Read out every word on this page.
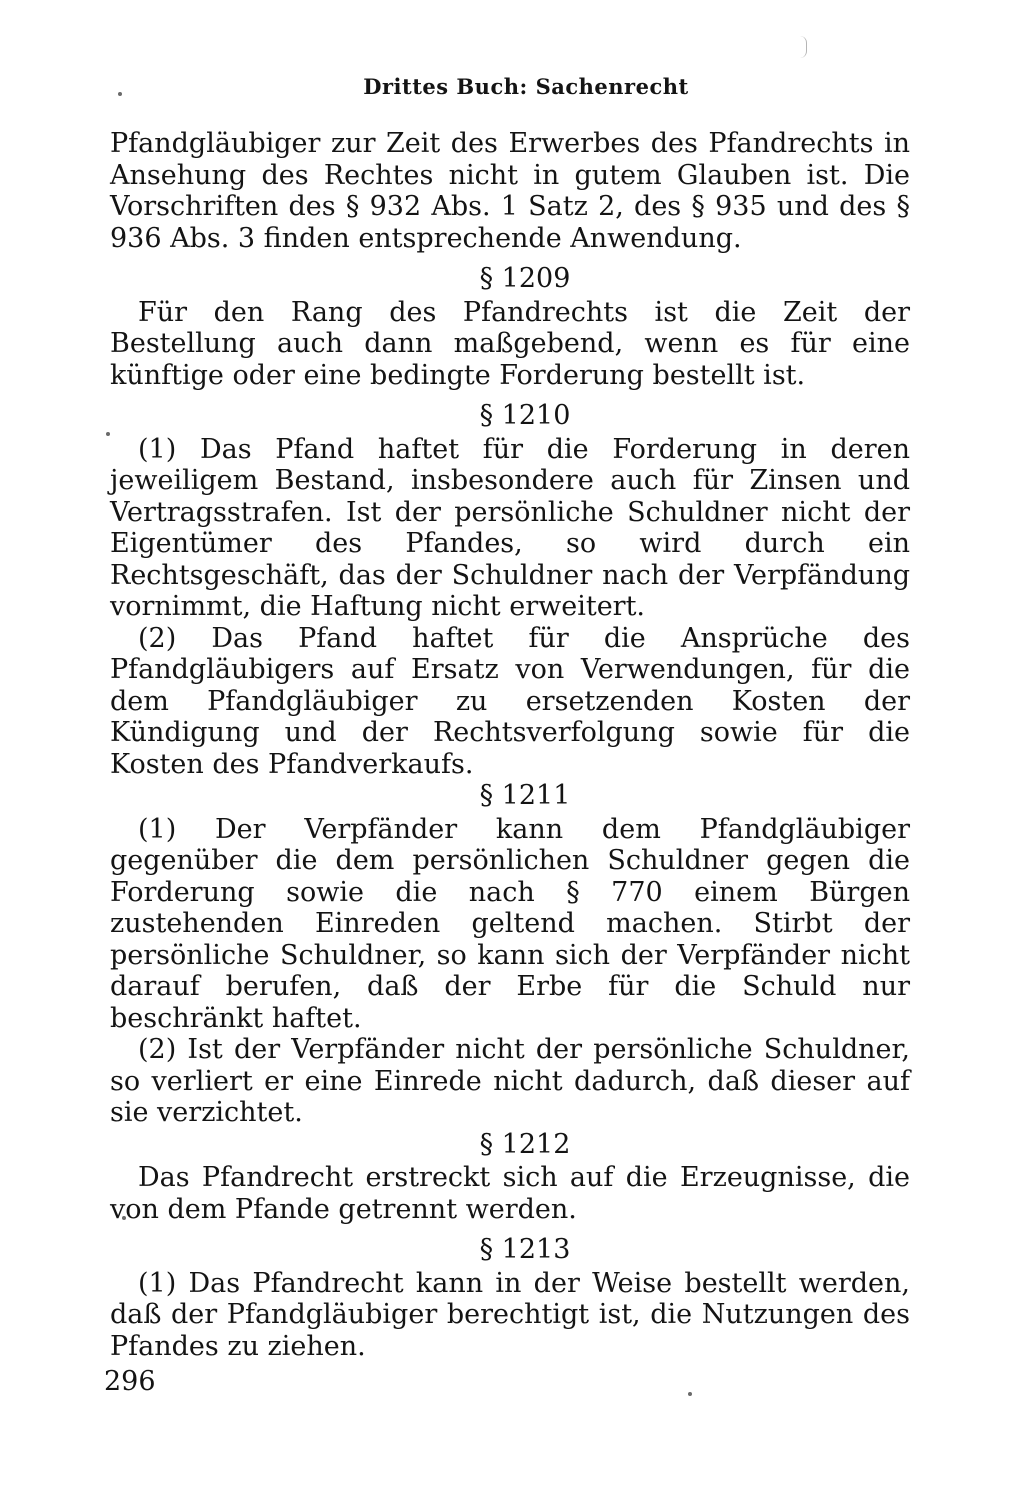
Drittes Buch: Sachenrecht

Pfandgläubiger zur Zeit des Erwerbes des Pfandrechts in Ansehung des Rechtes nicht in gutem Glauben ist. Die Vorschriften des § 932 Abs. 1 Satz 2, des § 935 und des § 936 Abs. 3 finden entsprechende Anwendung.

§ 1209

Für den Rang des Pfandrechts ist die Zeit der Bestellung auch dann maßgebend, wenn es für eine künftige oder eine bedingte Forderung bestellt ist.

§ 1210

(1) Das Pfand haftet für die Forderung in deren jeweiligem Bestand, insbesondere auch für Zinsen und Vertragsstrafen. Ist der persönliche Schuldner nicht der Eigentümer des Pfandes, so wird durch ein Rechtsgeschäft, das der Schuldner nach der Verpfändung vornimmt, die Haftung nicht erweitert.

(2) Das Pfand haftet für die Ansprüche des Pfandgläubigers auf Ersatz von Verwendungen, für die dem Pfandgläubiger zu ersetzenden Kosten der Kündigung und der Rechtsverfolgung sowie für die Kosten des Pfandverkaufs.

§ 1211

(1) Der Verpfänder kann dem Pfandgläubiger gegenüber die dem persönlichen Schuldner gegen die Forderung sowie die nach § 770 einem Bürgen zustehenden Einreden geltend machen. Stirbt der persönliche Schuldner, so kann sich der Verpfänder nicht darauf berufen, daß der Erbe für die Schuld nur beschränkt haftet.

(2) Ist der Verpfänder nicht der persönliche Schuldner, so verliert er eine Einrede nicht dadurch, daß dieser auf sie verzichtet.

§ 1212

Das Pfandrecht erstreckt sich auf die Erzeugnisse, die von dem Pfande getrennt werden.

§ 1213

(1) Das Pfandrecht kann in der Weise bestellt werden, daß der Pfandgläubiger berechtigt ist, die Nutzungen des Pfandes zu ziehen.

296
